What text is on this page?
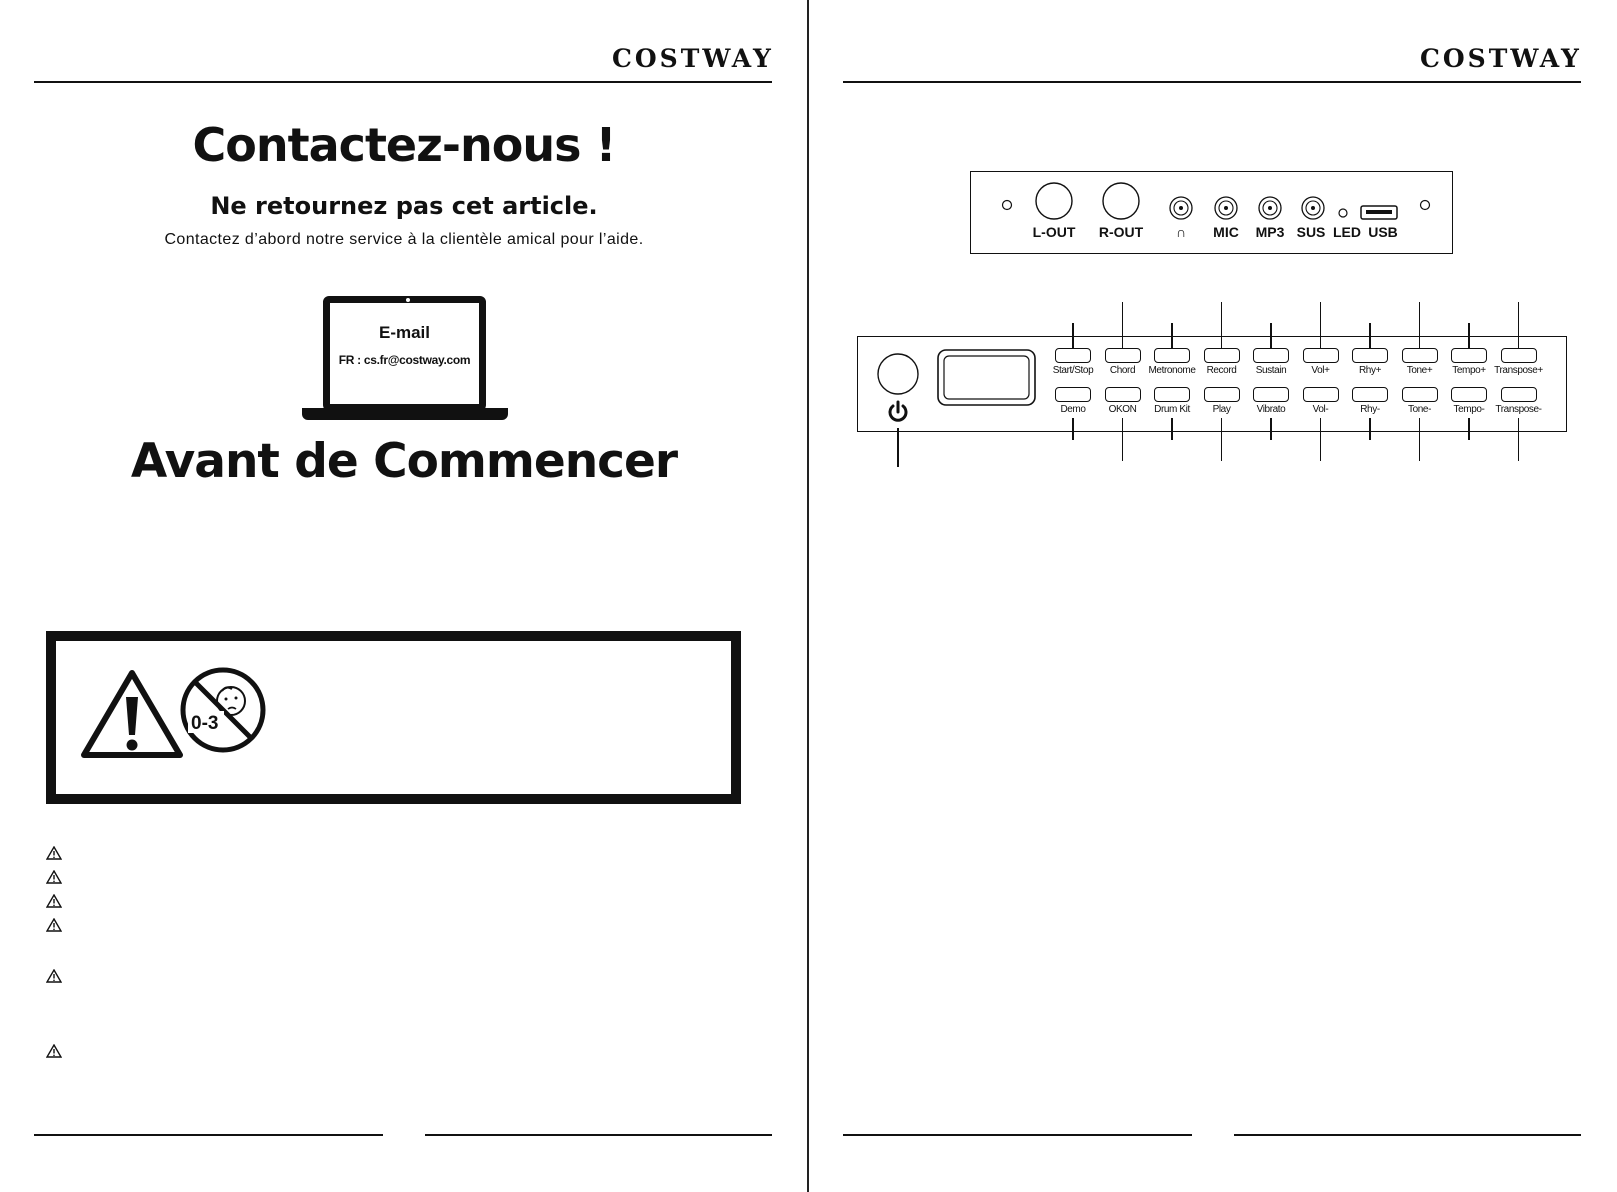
COSTWAY
Contactez-nous !
Ne retournez pas cet article.
Contactez d’abord notre service à la clientèle amical pour l’aide.
E-mail
FR : cs.fr@costway.com
Avant de Commencer
0-3
COSTWAY
L-OUT R-OUT ∩ MIC MP3 SUS LED USB
Start/Stop	Chord	Metronome	Record	Sustain	Vol+	Rhy+	Tone+	Tempo+ Transpose+
Demo	OKON	Drum Kit	Play	Vibrato	Vol-	Rhy-	Tone-	Tempo-	Transpose-
